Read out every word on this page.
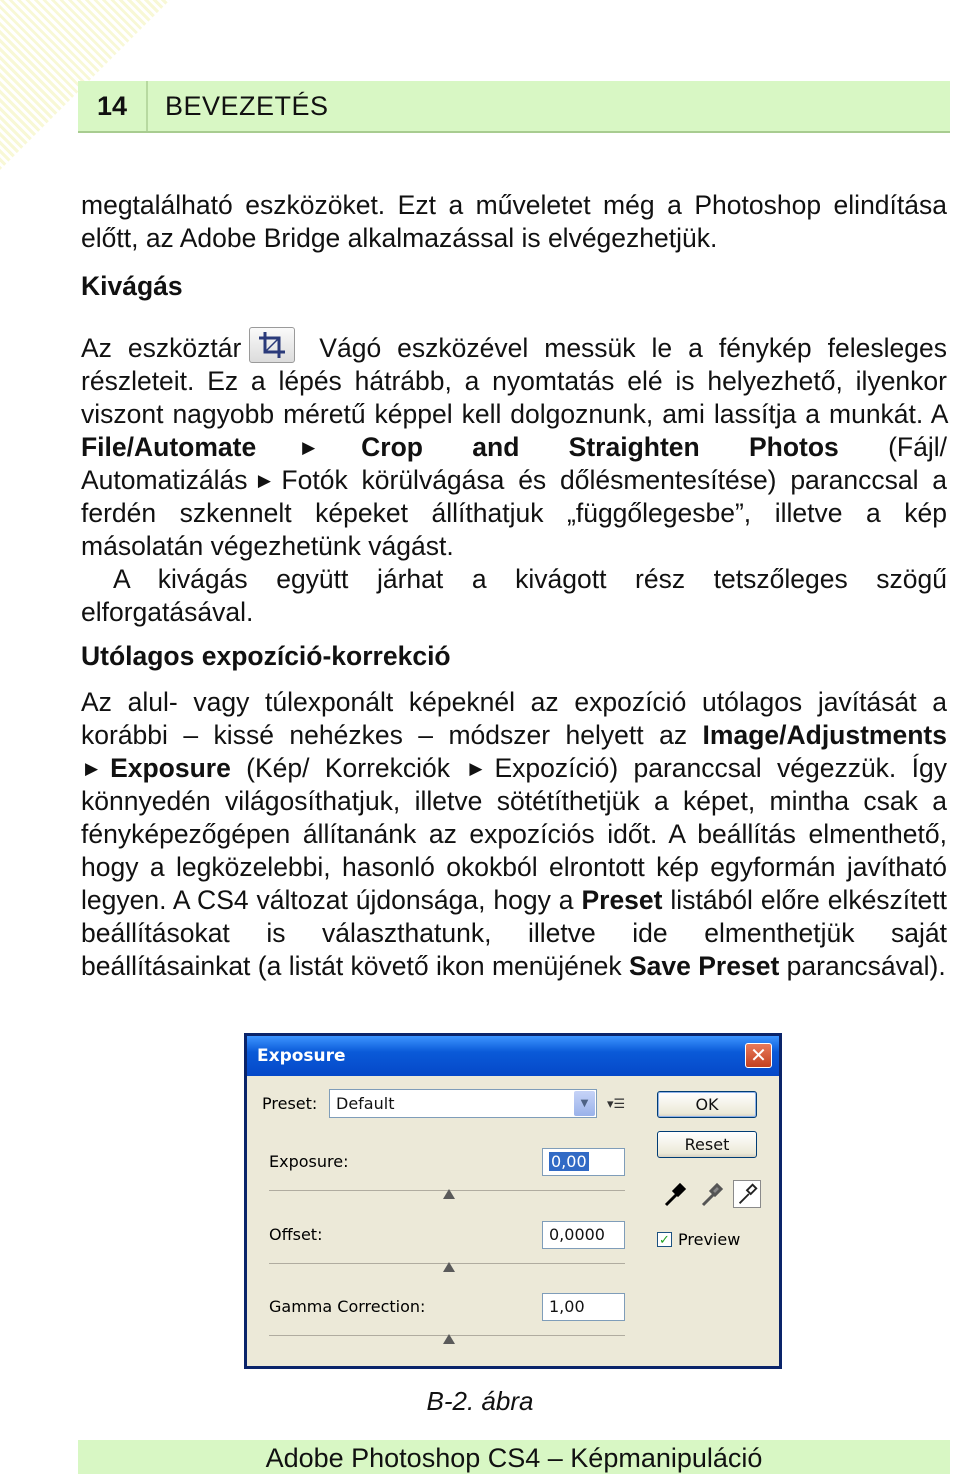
14	BEVEZETÉS

megtalálható eszközöket. Ezt a műveletet még a Photoshop elindítása előtt, az Adobe Bridge alkalmazással is elvégezhetjük.

Kivágás

Az eszköztár	Vágó eszközével messük le a fénykép felesleges részleteit. Ez a lépés hátrább, a nyomtatás elé is helyezhető, ilyenkor viszont nagyobb méretű képpel kell dolgoznunk, ami lassítja a munkát. A File/Automate ▶ Crop and Straighten Photos (Fájl/ Automatizálás ▶ Fotók körülvágása és dőlésmentesítése) paranccsal a ferdén szkennelt képeket állíthatjuk „függőlegesbe”, illetve a kép másolatán végezhetünk vágást.

A kivágás együtt járhat a kivágott rész tetszőleges szögű elforgatásával.

Utólagos expozíció-korrekció

Az alul- vagy túlexponált képeknél az expozíció utólagos javítását a korábbi – kissé nehézkes – módszer helyett az Image/Adjustments ▶ Exposure (Kép/ Korrekciók ▶ Expozíció) paranccsal végezzük. Így könnyedén világosíthatjuk, illetve sötétíthetjük a képet, mintha csak a fényképezőgépen állítanánk az expozíciós időt. A beállítás elmenthető, hogy a legközelebbi, hasonló okokból elrontott kép egyformán javítható legyen. A CS4 változat újdonsága, hogy a Preset listából előre elkészített beállításokat is választhatunk, illetve ide elmenthetjük saját beállításainkat (a listát követő ikon menüjének Save Preset parancsával).

Exposure	✕
Preset:	Default	▼	▾☰	OK
Reset
Exposure:	0,00
Offset:	0,0000
Gamma Correction:	1,00
✓ Preview
B-2. ábra
Adobe Photoshop CS4 – Képmanipuláció
